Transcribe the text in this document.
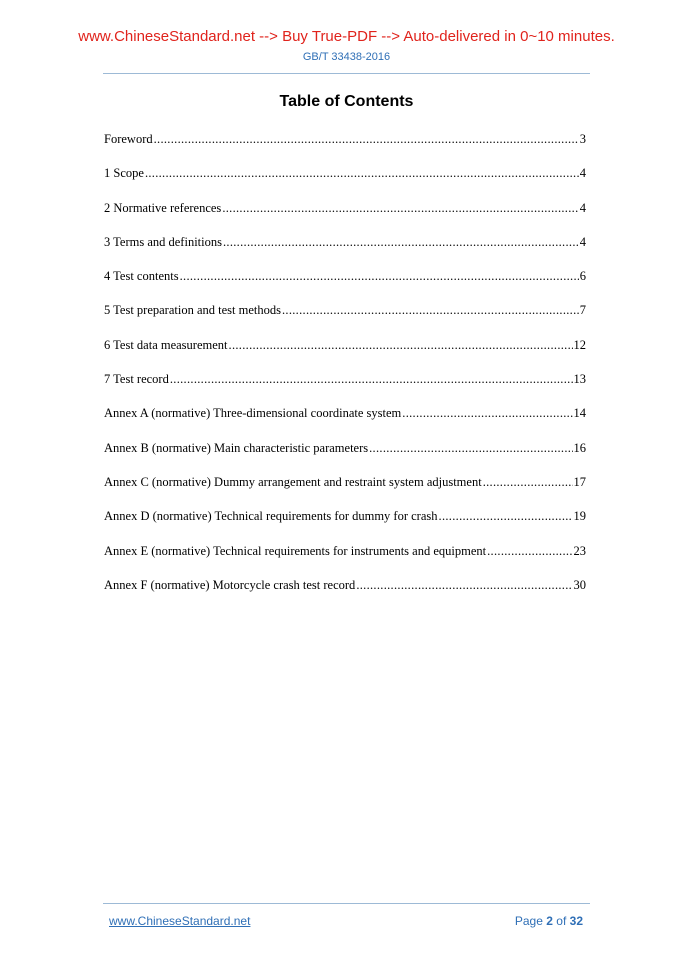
www.ChineseStandard.net --> Buy True-PDF --> Auto-delivered in 0~10 minutes.
GB/T 33438-2016
Table of Contents
Foreword .....	3
1 Scope .....	4
2 Normative references .....	4
3 Terms and definitions .....	4
4 Test contents .....	6
5 Test preparation and test methods .....	7
6 Test data measurement .....	12
7 Test record .....	13
Annex A (normative) Three-dimensional coordinate system .....	14
Annex B (normative) Main characteristic parameters .....	16
Annex C (normative) Dummy arrangement and restraint system adjustment .....	17
Annex D (normative) Technical requirements for dummy for crash .....	19
Annex E (normative) Technical requirements for instruments and equipment .....	23
Annex F (normative) Motorcycle crash test record .....	30
www.ChineseStandard.net	Page 2 of 32
